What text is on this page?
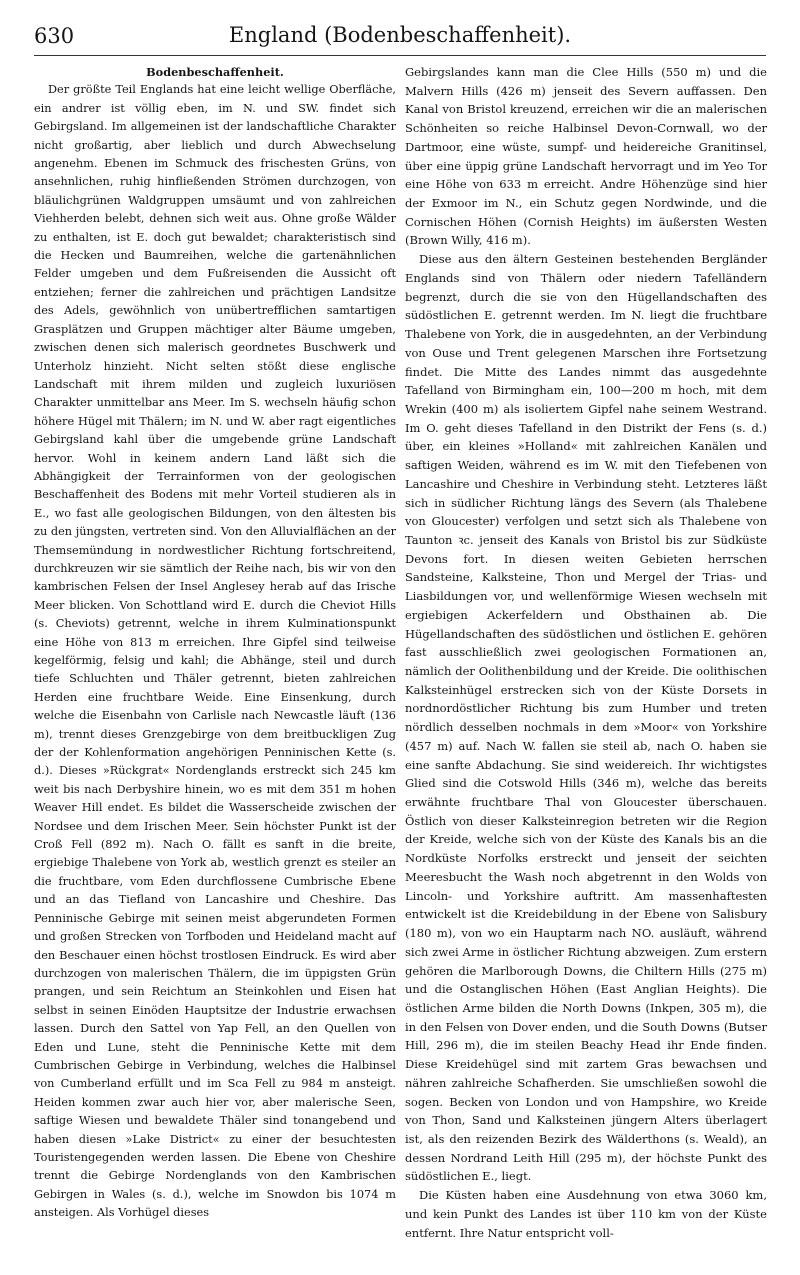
630	England (Bodenbeschaffenheit).
Bodenbeschaffenheit.

Der größte Teil Englands hat eine leicht wellige Oberfläche, ein andrer ist völlig eben, im N. und SW. findet sich Gebirgsland. Im allgemeinen ist der landschaftliche Charakter nicht großartig, aber lieblich und durch Abwechselung angenehm. Ebenen im Schmuck des frischesten Grüns, von ansehnlichen, ruhig hinfließenden Strömen durchzogen, von bläulichgrünen Waldgruppen umsäumt und von zahlreichen Viehherden belebt, dehnen sich weit aus. Ohne große Wälder zu enthalten, ist E. doch gut bewaldet; charakteristisch sind die Hecken und Baumreihen, welche die gartenähnlichen Felder umgeben und dem Fußreisenden die Aussicht oft entziehen; ferner die zahlreichen und prächtigen Landsitze des Adels, gewöhnlich von unübertrefflichen samtartigen Grasplätzen und Gruppen mächtiger alter Bäume umgeben, zwischen denen sich malerisch geordnetes Buschwerk und Unterholz hinzieht. Nicht selten stößt diese englische Landschaft mit ihrem milden und zugleich luxuriösen Charakter unmittelbar ans Meer. Im S. wechseln häufig schon höhere Hügel mit Thälern; im N. und W. aber ragt eigentliches Gebirgsland kahl über die umgebende grüne Landschaft hervor. Wohl in keinem andern Land läßt sich die Abhängigkeit der Terrainformen von der geologischen Beschaffenheit des Bodens mit mehr Vorteil studieren als in E., wo fast alle geologischen Bildungen, von den ältesten bis zu den jüngsten, vertreten sind. Von den Alluvialflächen an der Themsemündung in nordwestlicher Richtung fortschreitend, durchkreuzen wir sie sämtlich der Reihe nach, bis wir von den kambrischen Felsen der Insel Anglesey herab auf das Irische Meer blicken. Von Schottland wird E. durch die Cheviot Hills (s. Cheviots) getrennt, welche in ihrem Kulminationspunkt eine Höhe von 813 m erreichen. Ihre Gipfel sind teilweise kegelförmig, felsig und kahl; die Abhänge, steil und durch tiefe Schluchten und Thäler getrennt, bieten zahlreichen Herden eine fruchtbare Weide. Eine Einsenkung, durch welche die Eisenbahn von Carlisle nach Newcastle läuft (136 m), trennt dieses Grenzgebirge von dem breitbuckligen Zug der der Kohlenformation angehörigen Penninischen Kette (s. d.). Dieses »Rückgrat« Nordenglands erstreckt sich 245 km weit bis nach Derbyshire hinein, wo es mit dem 351 m hohen Weaver Hill endet. Es bildet die Wasserscheide zwischen der Nordsee und dem Irischen Meer. Sein höchster Punkt ist der Croß Fell (892 m). Nach O. fällt es sanft in die breite, ergiebige Thalebene von York ab, westlich grenzt es steiler an die fruchtbare, vom Eden durchflossene Cumbrische Ebene und an das Tiefland von Lancashire und Cheshire. Das Penninische Gebirge mit seinen meist abgerundeten Formen und großen Strecken von Torfboden und Heideland macht auf den Beschauer einen höchst trostlosen Eindruck. Es wird aber durchzogen von malerischen Thälern, die im üppigsten Grün prangen, und sein Reichtum an Steinkohlen und Eisen hat selbst in seinen Einöden Hauptsitze der Industrie erwachsen lassen. Durch den Sattel von Yap Fell, an den Quellen von Eden und Lune, steht die Penninische Kette mit dem Cumbrischen Gebirge in Verbindung, welches die Halbinsel von Cumberland erfüllt und im Sca Fell zu 984 m ansteigt. Heiden kommen zwar auch hier vor, aber malerische Seen, saftige Wiesen und bewaldete Thäler sind tonangebend und haben diesen »Lake District« zu einer der besuchtesten Touristengegenden werden lassen. Die Ebene von Cheshire trennt die Gebirge Nordenglands von den Kambrischen Gebirgen in Wales (s. d.), welche im Snowdon bis 1074 m ansteigen. Als Vorhügel dieses

Gebirgslandes kann man die Clee Hills (550 m) und die Malvern Hills (426 m) jenseit des Severn auffassen. Den Kanal von Bristol kreuzend, erreichen wir die an malerischen Schönheiten so reiche Halbinsel Devon-Cornwall, wo der Dartmoor, eine wüste, sumpf- und heidereiche Granitinsel, über eine üppig grüne Landschaft hervorragt und im Yeo Tor eine Höhe von 633 m erreicht. Andre Höhenzüge sind hier der Exmoor im N., ein Schutz gegen Nordwinde, und die Cornischen Höhen (Cornish Heights) im äußersten Westen (Brown Willy, 416 m).

Diese aus den ältern Gesteinen bestehenden Bergländer Englands sind von Thälern oder niedern Tafelländern begrenzt, durch die sie von den Hügellandschaften des südöstlichen E. getrennt werden. Im N. liegt die fruchtbare Thalebene von York, die in ausgedehnten, an der Verbindung von Ouse und Trent gelegenen Marschen ihre Fortsetzung findet. Die Mitte des Landes nimmt das ausgedehnte Tafelland von Birmingham ein, 100—200 m hoch, mit dem Wrekin (400 m) als isoliertem Gipfel nahe seinem Westrand. Im O. geht dieses Tafelland in den Distrikt der Fens (s. d.) über, ein kleines »Holland« mit zahlreichen Kanälen und saftigen Weiden, während es im W. mit den Tiefebenen von Lancashire und Cheshire in Verbindung steht. Letzteres läßt sich in südlicher Richtung längs des Severn (als Thalebene von Gloucester) verfolgen und setzt sich als Thalebene von Taunton ꝛc. jenseit des Kanals von Bristol bis zur Südküste Devons fort. In diesen weiten Gebieten herrschen Sandsteine, Kalksteine, Thon und Mergel der Trias- und Liasbildungen vor, und wellenförmige Wiesen wechseln mit ergiebigen Ackerfeldern und Obsthainen ab. Die Hügellandschaften des südöstlichen und östlichen E. gehören fast ausschließlich zwei geologischen Formationen an, nämlich der Oolithenbildung und der Kreide. Die oolithischen Kalksteinhügel erstrecken sich von der Küste Dorsets in nordnordöstlicher Richtung bis zum Humber und treten nördlich desselben nochmals in dem »Moor« von Yorkshire (457 m) auf. Nach W. fallen sie steil ab, nach O. haben sie eine sanfte Abdachung. Sie sind weidereich. Ihr wichtigstes Glied sind die Cotswold Hills (346 m), welche das bereits erwähnte fruchtbare Thal von Gloucester überschauen. Östlich von dieser Kalksteinregion betreten wir die Region der Kreide, welche sich von der Küste des Kanals bis an die Nordküste Norfolks erstreckt und jenseit der seichten Meeresbucht the Wash noch abgetrennt in den Wolds von Lincoln- und Yorkshire auftritt. Am massenhaftesten entwickelt ist die Kreidebildung in der Ebene von Salisbury (180 m), von wo ein Hauptarm nach NO. ausläuft, während sich zwei Arme in östlicher Richtung abzweigen. Zum erstern gehören die Marlborough Downs, die Chiltern Hills (275 m) und die Ostanglischen Höhen (East Anglian Heights). Die östlichen Arme bilden die North Downs (Inkpen, 305 m), die in den Felsen von Dover enden, und die South Downs (Butser Hill, 296 m), die im steilen Beachy Head ihr Ende finden. Diese Kreidehügel sind mit zartem Gras bewachsen und nähren zahlreiche Schafherden. Sie umschließen sowohl die sogen. Becken von London und von Hampshire, wo Kreide von Thon, Sand und Kalksteinen jüngern Alters überlagert ist, als den reizenden Bezirk des Wälderthons (s. Weald), an dessen Nordrand Leith Hill (295 m), der höchste Punkt des südöstlichen E., liegt.

Die Küsten haben eine Ausdehnung von etwa 3060 km, und kein Punkt des Landes ist über 110 km von der Küste entfernt. Ihre Natur entspricht voll-
